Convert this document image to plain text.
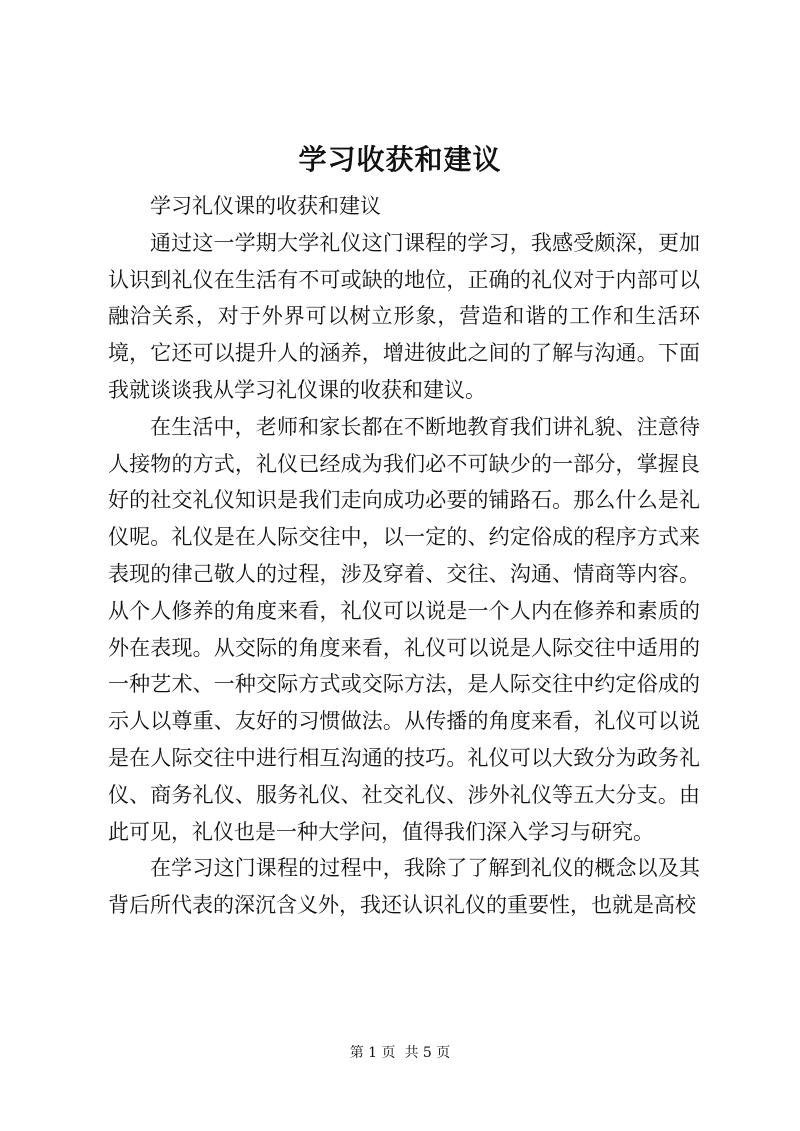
学习收获和建议

学习礼仪课的收获和建议

通过这一学期大学礼仪这门课程的学习，我感受颇深，更加认识到礼仪在生活有不可或缺的地位，正确的礼仪对于内部可以融洽关系，对于外界可以树立形象，营造和谐的工作和生活环境，它还可以提升人的涵养，增进彼此之间的了解与沟通。下面我就谈谈我从学习礼仪课的收获和建议。

在生活中，老师和家长都在不断地教育我们讲礼貌、注意待人接物的方式，礼仪已经成为我们必不可缺少的一部分，掌握良好的社交礼仪知识是我们走向成功必要的铺路石。那么什么是礼仪呢。礼仪是在人际交往中，以一定的、约定俗成的程序方式来表现的律己敬人的过程，涉及穿着、交往、沟通、情商等内容。从个人修养的角度来看，礼仪可以说是一个人内在修养和素质的外在表现。从交际的角度来看，礼仪可以说是人际交往中适用的一种艺术、一种交际方式或交际方法，是人际交往中约定俗成的示人以尊重、友好的习惯做法。从传播的角度来看，礼仪可以说是在人际交往中进行相互沟通的技巧。礼仪可以大致分为政务礼仪、商务礼仪、服务礼仪、社交礼仪、涉外礼仪等五大分支。由此可见，礼仪也是一种大学问，值得我们深入学习与研究。

在学习这门课程的过程中，我除了了解到礼仪的概念以及其背后所代表的深沉含义外，我还认识礼仪的重要性，也就是高校

第 1 页  共 5 页
